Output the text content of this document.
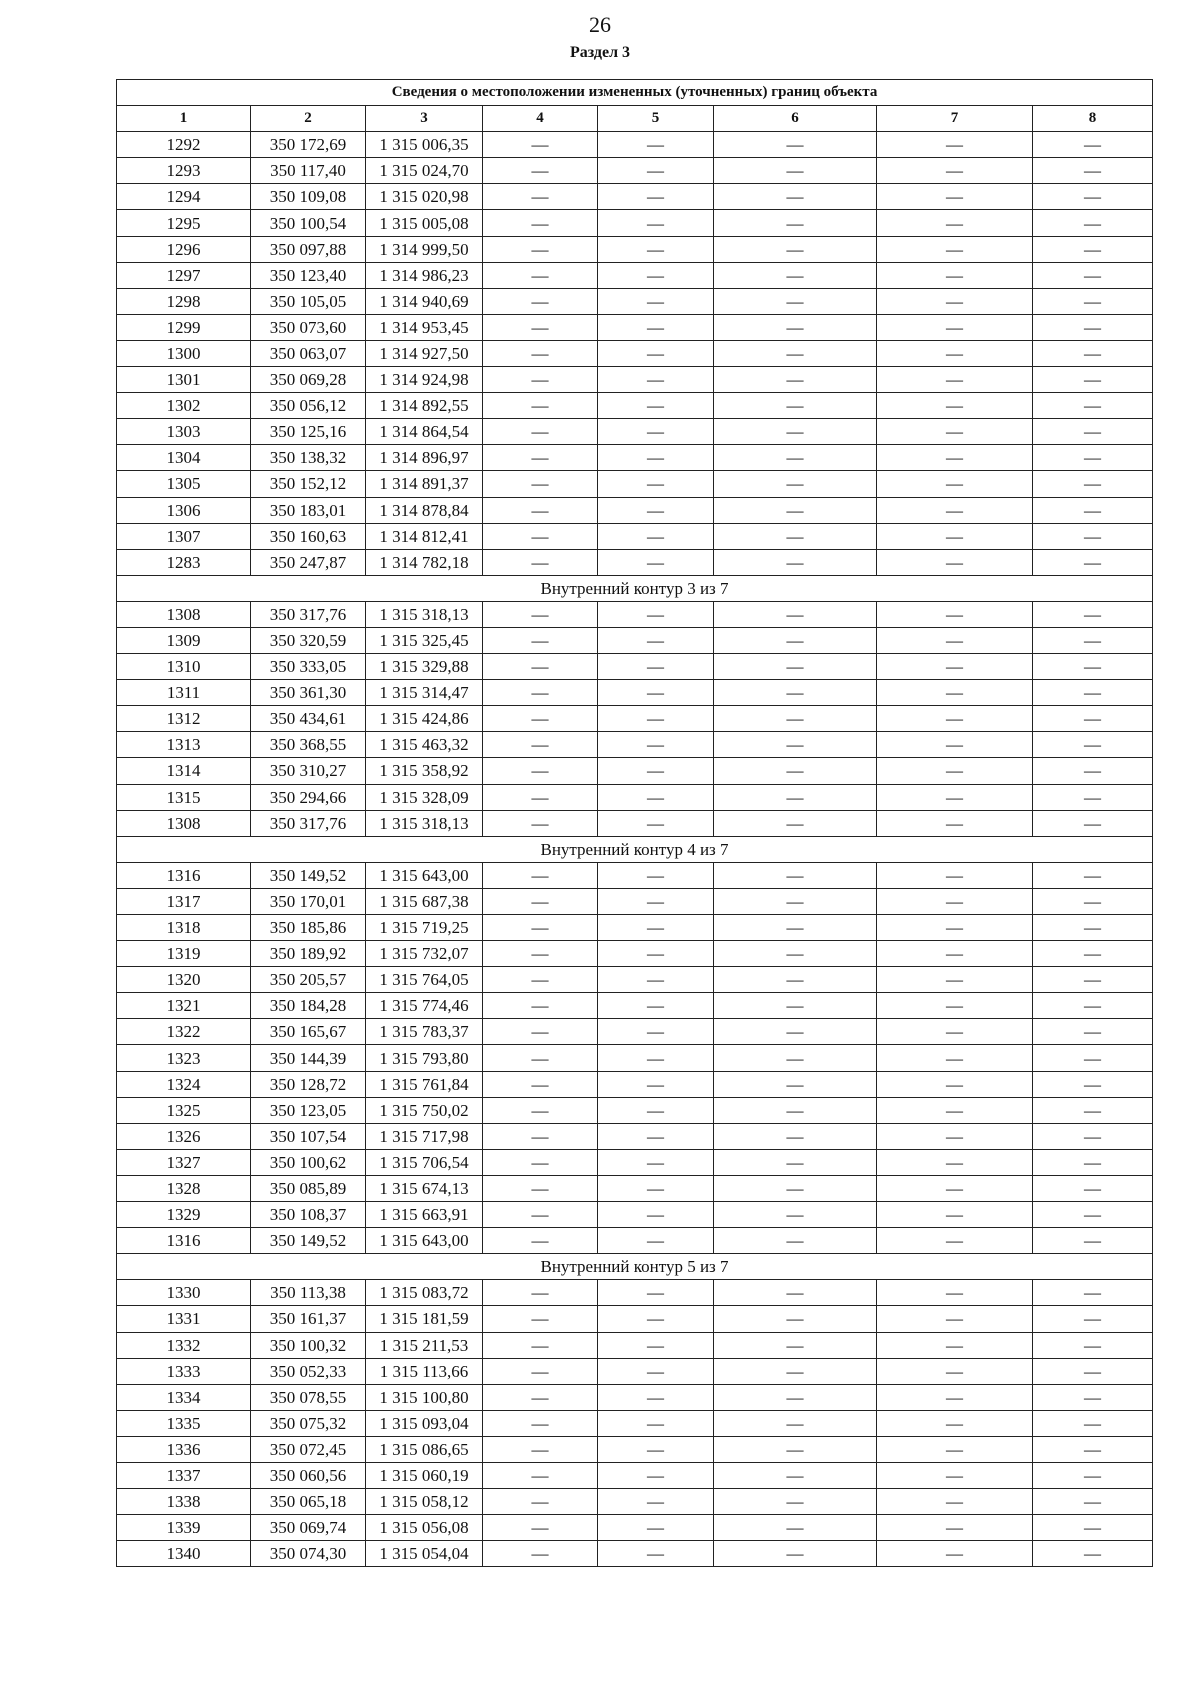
26
Раздел 3
Сведения о местоположении измененных (уточненных) границ объекта							
1	2	3	4	5	6	7	8
1292	350 172,69	1 315 006,35	—	—	—	—	—
1293	350 117,40	1 315 024,70	—	—	—	—	—
1294	350 109,08	1 315 020,98	—	—	—	—	—
1295	350 100,54	1 315 005,08	—	—	—	—	—
1296	350 097,88	1 314 999,50	—	—	—	—	—
1297	350 123,40	1 314 986,23	—	—	—	—	—
1298	350 105,05	1 314 940,69	—	—	—	—	—
1299	350 073,60	1 314 953,45	—	—	—	—	—
1300	350 063,07	1 314 927,50	—	—	—	—	—
1301	350 069,28	1 314 924,98	—	—	—	—	—
1302	350 056,12	1 314 892,55	—	—	—	—	—
1303	350 125,16	1 314 864,54	—	—	—	—	—
1304	350 138,32	1 314 896,97	—	—	—	—	—
1305	350 152,12	1 314 891,37	—	—	—	—	—
1306	350 183,01	1 314 878,84	—	—	—	—	—
1307	350 160,63	1 314 812,41	—	—	—	—	—
1283	350 247,87	1 314 782,18	—	—	—	—	—
Внутренний контур 3 из 7							
1308	350 317,76	1 315 318,13	—	—	—	—	—
1309	350 320,59	1 315 325,45	—	—	—	—	—
1310	350 333,05	1 315 329,88	—	—	—	—	—
1311	350 361,30	1 315 314,47	—	—	—	—	—
1312	350 434,61	1 315 424,86	—	—	—	—	—
1313	350 368,55	1 315 463,32	—	—	—	—	—
1314	350 310,27	1 315 358,92	—	—	—	—	—
1315	350 294,66	1 315 328,09	—	—	—	—	—
1308	350 317,76	1 315 318,13	—	—	—	—	—
Внутренний контур 4 из 7							
1316	350 149,52	1 315 643,00	—	—	—	—	—
1317	350 170,01	1 315 687,38	—	—	—	—	—
1318	350 185,86	1 315 719,25	—	—	—	—	—
1319	350 189,92	1 315 732,07	—	—	—	—	—
1320	350 205,57	1 315 764,05	—	—	—	—	—
1321	350 184,28	1 315 774,46	—	—	—	—	—
1322	350 165,67	1 315 783,37	—	—	—	—	—
1323	350 144,39	1 315 793,80	—	—	—	—	—
1324	350 128,72	1 315 761,84	—	—	—	—	—
1325	350 123,05	1 315 750,02	—	—	—	—	—
1326	350 107,54	1 315 717,98	—	—	—	—	—
1327	350 100,62	1 315 706,54	—	—	—	—	—
1328	350 085,89	1 315 674,13	—	—	—	—	—
1329	350 108,37	1 315 663,91	—	—	—	—	—
1316	350 149,52	1 315 643,00	—	—	—	—	—
Внутренний контур 5 из 7							
1330	350 113,38	1 315 083,72	—	—	—	—	—
1331	350 161,37	1 315 181,59	—	—	—	—	—
1332	350 100,32	1 315 211,53	—	—	—	—	—
1333	350 052,33	1 315 113,66	—	—	—	—	—
1334	350 078,55	1 315 100,80	—	—	—	—	—
1335	350 075,32	1 315 093,04	—	—	—	—	—
1336	350 072,45	1 315 086,65	—	—	—	—	—
1337	350 060,56	1 315 060,19	—	—	—	—	—
1338	350 065,18	1 315 058,12	—	—	—	—	—
1339	350 069,74	1 315 056,08	—	—	—	—	—
1340	350 074,30	1 315 054,04	—	—	—	—	—
